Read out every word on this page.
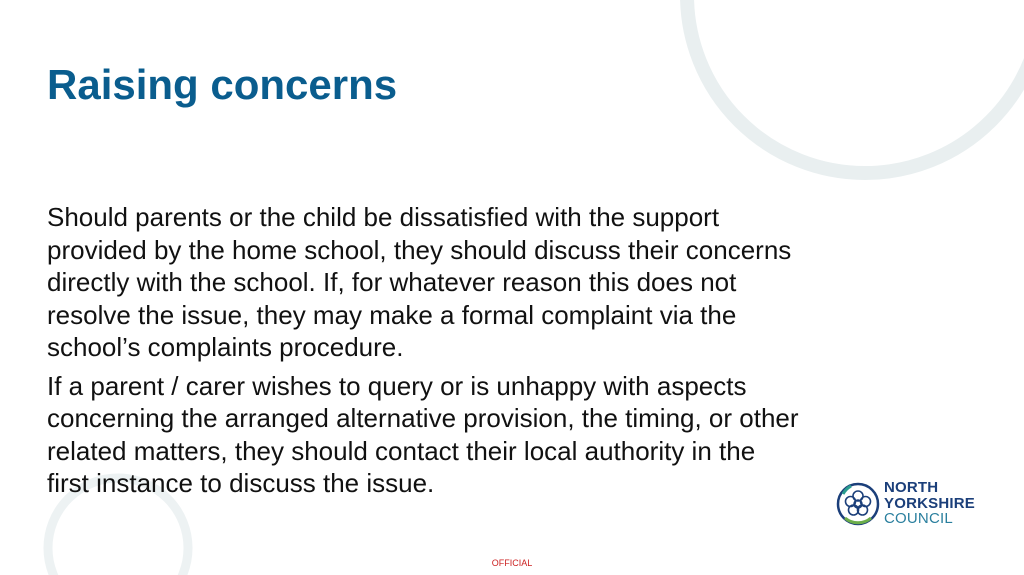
Raising concerns

Should parents or the child be dissatisfied with the support
provided by the home school, they should discuss their concerns
directly with the school. If, for whatever reason this does not
resolve the issue, they may make a formal complaint via the
school’s complaints procedure.

If a parent / carer wishes to query or is unhappy with aspects
concerning the arranged alternative provision, the timing, or other
related matters, they should contact their local authority in the
first instance to discuss the issue.	NORTH
YORKSHIRE
COUNCIL
OFFICIAL
